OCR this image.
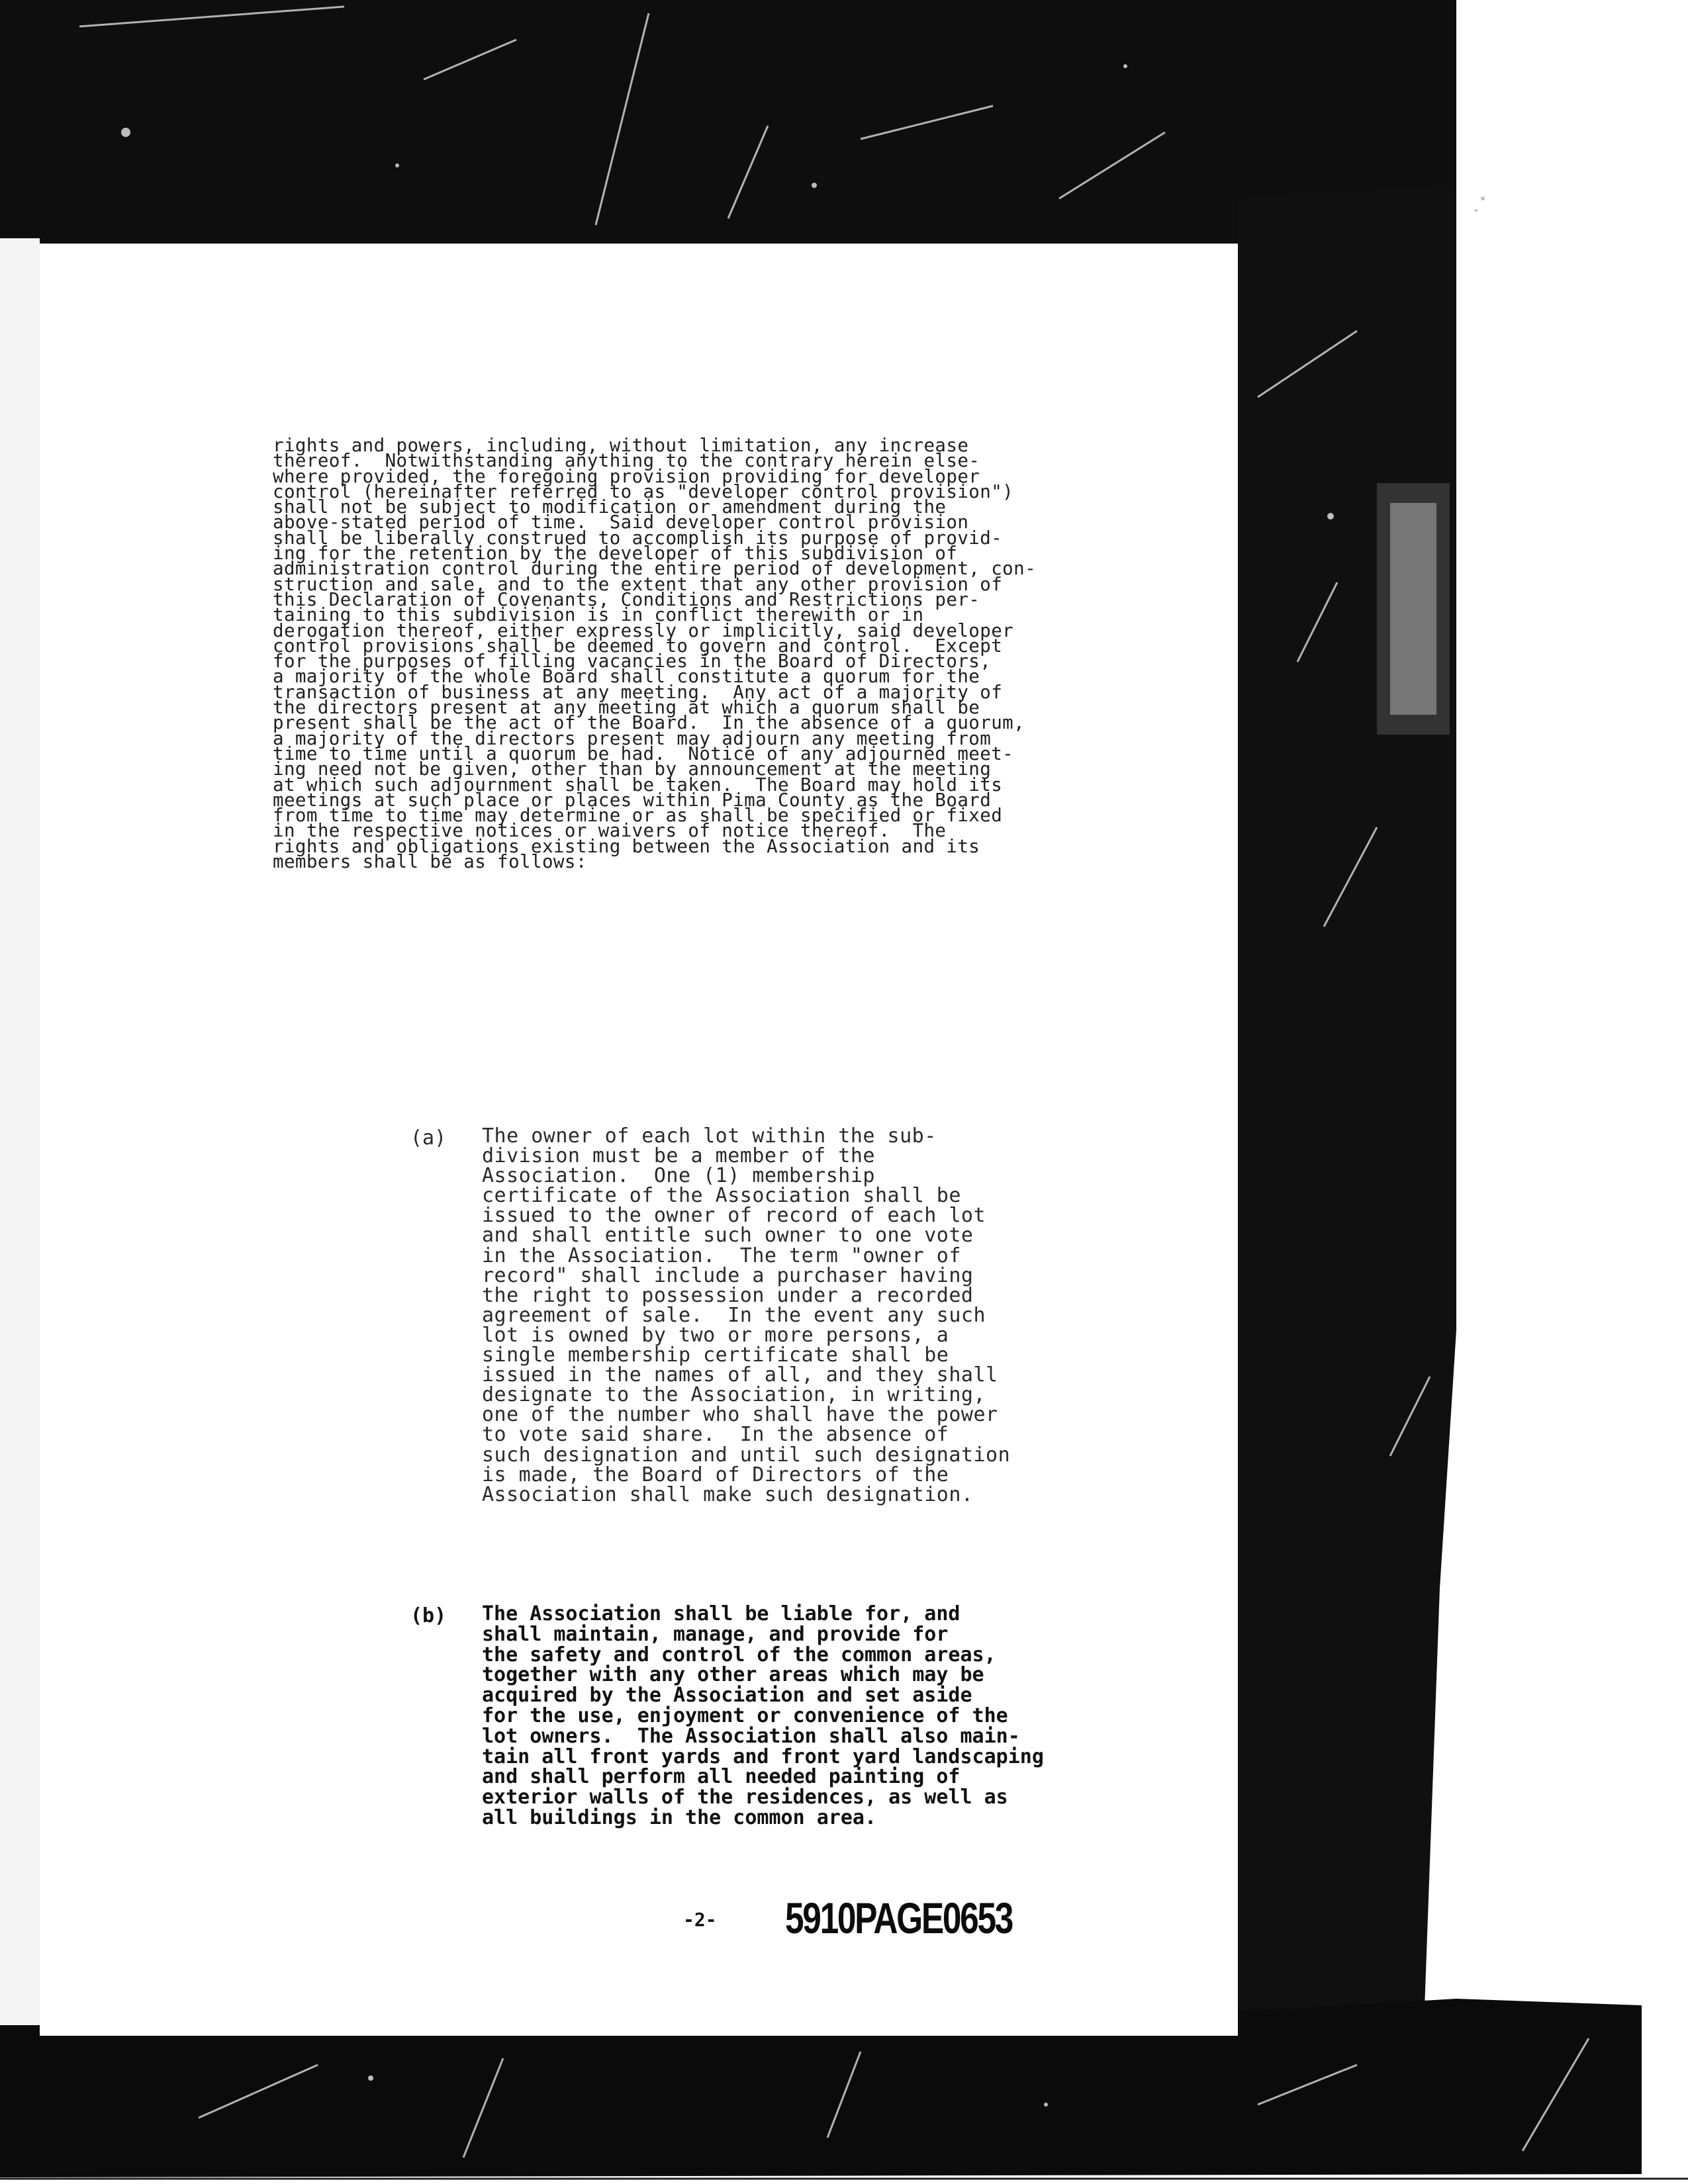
rights and powers, including, without limitation, any increase
thereof.  Notwithstanding anything to the contrary herein else-
where provided, the foregoing provision providing for developer
control (hereinafter referred to as "developer control provision")
shall not be subject to modification or amendment during the
above-stated period of time.  Said developer control provision
shall be liberally construed to accomplish its purpose of provid-
ing for the retention by the developer of this subdivision of
administration control during the entire period of development, con-
struction and sale, and to the extent that any other provision of
this Declaration of Covenants, Conditions and Restrictions per-
taining to this subdivision is in conflict therewith or in
derogation thereof, either expressly or implicitly, said developer
control provisions shall be deemed to govern and control.  Except
for the purposes of filling vacancies in the Board of Directors,
a majority of the whole Board shall constitute a quorum for the
transaction of business at any meeting.  Any act of a majority of
the directors present at any meeting at which a quorum shall be
present shall be the act of the Board.  In the absence of a quorum,
a majority of the directors present may adjourn any meeting from
time to time until a quorum be had.  Notice of any adjourned meet-
ing need not be given, other than by announcement at the meeting
at which such adjournment shall be taken.  The Board may hold its
meetings at such place or places within Pima County as the Board
from time to time may determine or as shall be specified or fixed
in the respective notices or waivers of notice thereof.  The
rights and obligations existing between the Association and its
members shall be as follows:
(a) The owner of each lot within the sub-
division must be a member of the
Association.  One (1) membership
certificate of the Association shall be
issued to the owner of record of each lot
and shall entitle such owner to one vote
in the Association.  The term "owner of
record" shall include a purchaser having
the right to possession under a recorded
agreement of sale.  In the event any such
lot is owned by two or more persons, a
single membership certificate shall be
issued in the names of all, and they shall
designate to the Association, in writing,
one of the number who shall have the power
to vote said share.  In the absence of
such designation and until such designation
is made, the Board of Directors of the
Association shall make such designation.
(b) The Association shall be liable for, and
shall maintain, manage, and provide for
the safety and control of the common areas,
together with any other areas which may be
acquired by the Association and set aside
for the use, enjoyment or convenience of the
lot owners.  The Association shall also main-
tain all front yards and front yard landscaping
and shall perform all needed painting of
exterior walls of the residences, as well as
all buildings in the common area.
-2- 5910PAGE0653
